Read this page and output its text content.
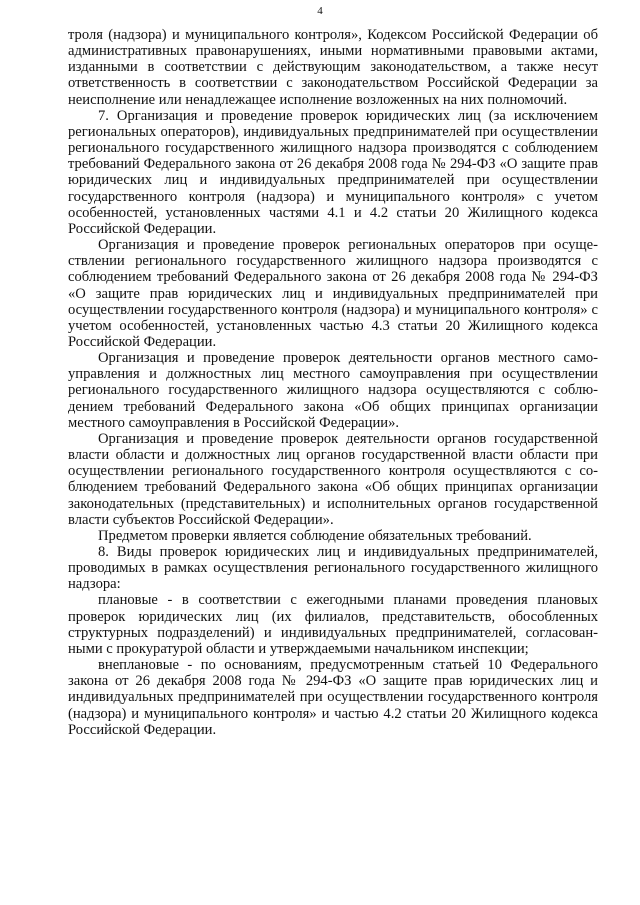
4

троля (надзора) и муниципального контроля», Кодексом Российской Федерации об административных правонарушениях, иными нормативными правовыми актами, изданными в соответствии с действующим законодательством, а также несут ответственность в соответствии с законодательством Российской Федерации за неисполнение или ненадлежащее исполнение возложенных на них полномочий.

7. Организация и проведение проверок юридических лиц (за исключением региональных операторов), индивидуальных предпринимателей при осуществлении регионального государственного жилищного надзора производятся с соблюдением требований Федерального закона от 26 декабря 2008 года № 294-ФЗ «О защите прав юридических лиц и индивидуальных предпринимателей при осуществлении государственного контроля (надзора) и муниципального контроля» с учетом особенностей, установленных частями 4.1 и 4.2 статьи 20 Жилищного кодекса Российской Федерации.

Организация и проведение проверок региональных операторов при осуществлении регионального государственного жилищного надзора производятся с соблюдением требований Федерального закона от 26 декабря 2008 года № 294-ФЗ «О защите прав юридических лиц и индивидуальных предпринимателей при осуществлении государственного контроля (надзора) и муниципального контроля» с учетом особенностей, установленных частью 4.3 статьи 20 Жилищного кодекса Российской Федерации.

Организация и проведение проверок деятельности органов местного самоуправления и должностных лиц местного самоуправления при осуществлении регионального государственного жилищного надзора осуществляются с соблюдением требований Федерального закона «Об общих принципах организации местного самоуправления в Российской Федерации».

Организация и проведение проверок деятельности органов государственной власти области и должностных лиц органов государственной власти области при осуществлении регионального государственного контроля осуществляются с соблюдением требований Федерального закона «Об общих принципах организации законодательных (представительных) и исполнительных органов государственной власти субъектов Российской Федерации».

Предметом проверки является соблюдение обязательных требований.

8. Виды проверок юридических лиц и индивидуальных предпринимателей, проводимых в рамках осуществления регионального государственного жилищного надзора:

плановые - в соответствии с ежегодными планами проведения плановых проверок юридических лиц (их филиалов, представительств, обособленных структурных подразделений) и индивидуальных предпринимателей, согласованными с прокуратурой области и утверждаемыми начальником инспекции;

внеплановые - по основаниям, предусмотренным статьей 10 Федерального закона от 26 декабря 2008 года № 294-ФЗ «О защите прав юридических лиц и индивидуальных предпринимателей при осуществлении государственного контроля (надзора) и муниципального контроля» и частью 4.2 статьи 20 Жилищного кодекса Российской Федерации.
